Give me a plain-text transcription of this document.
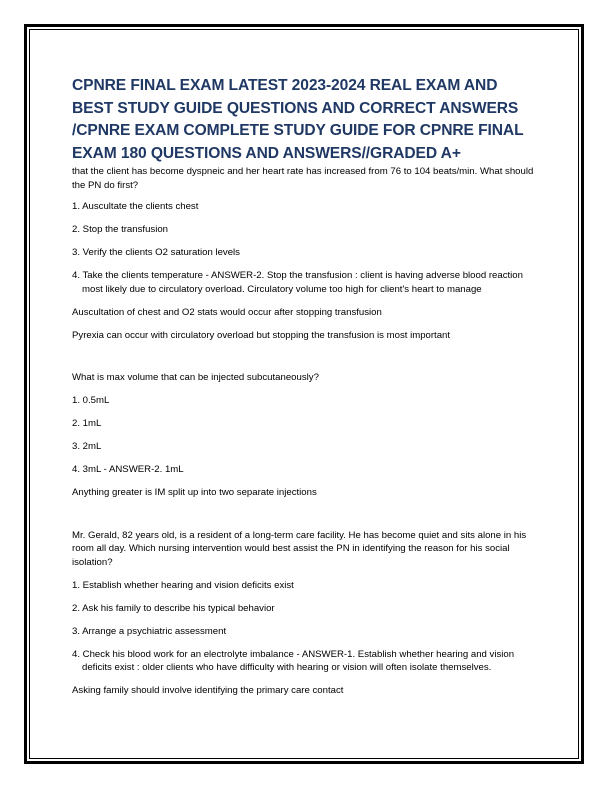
CPNRE FINAL EXAM LATEST 2023-2024 REAL EXAM AND BEST STUDY GUIDE QUESTIONS AND CORRECT ANSWERS /CPNRE EXAM COMPLETE STUDY GUIDE FOR CPNRE FINAL EXAM 180 QUESTIONS AND ANSWERS//GRADED A+

that the client has become dyspneic and her heart rate has increased from 76 to 104 beats/min. What should the PN do first?

1. Auscultate the clients chest

2. Stop the transfusion

3. Verify the clients O2 saturation levels

4. Take the clients temperature - ANSWER-2. Stop the transfusion : client is having adverse blood reaction most likely due to circulatory overload. Circulatory volume too high for client's heart to manage

Auscultation of chest and O2 stats would occur after stopping transfusion

Pyrexia can occur with circulatory overload but stopping the transfusion is most important

What is max volume that can be injected subcutaneously?

1. 0.5mL

2. 1mL

3. 2mL

4. 3mL - ANSWER-2. 1mL

Anything greater is IM split up into two separate injections

Mr. Gerald, 82 years old, is a resident of a long-term care facility. He has become quiet and sits alone in his room all day. Which nursing intervention would best assist the PN in identifying the reason for his social isolation?

1. Establish whether hearing and vision deficits exist

2. Ask his family to describe his typical behavior

3. Arrange a psychiatric assessment

4. Check his blood work for an electrolyte imbalance - ANSWER-1. Establish whether hearing and vision deficits exist : older clients who have difficulty with hearing or vision will often isolate themselves.

Asking family should involve identifying the primary care contact
